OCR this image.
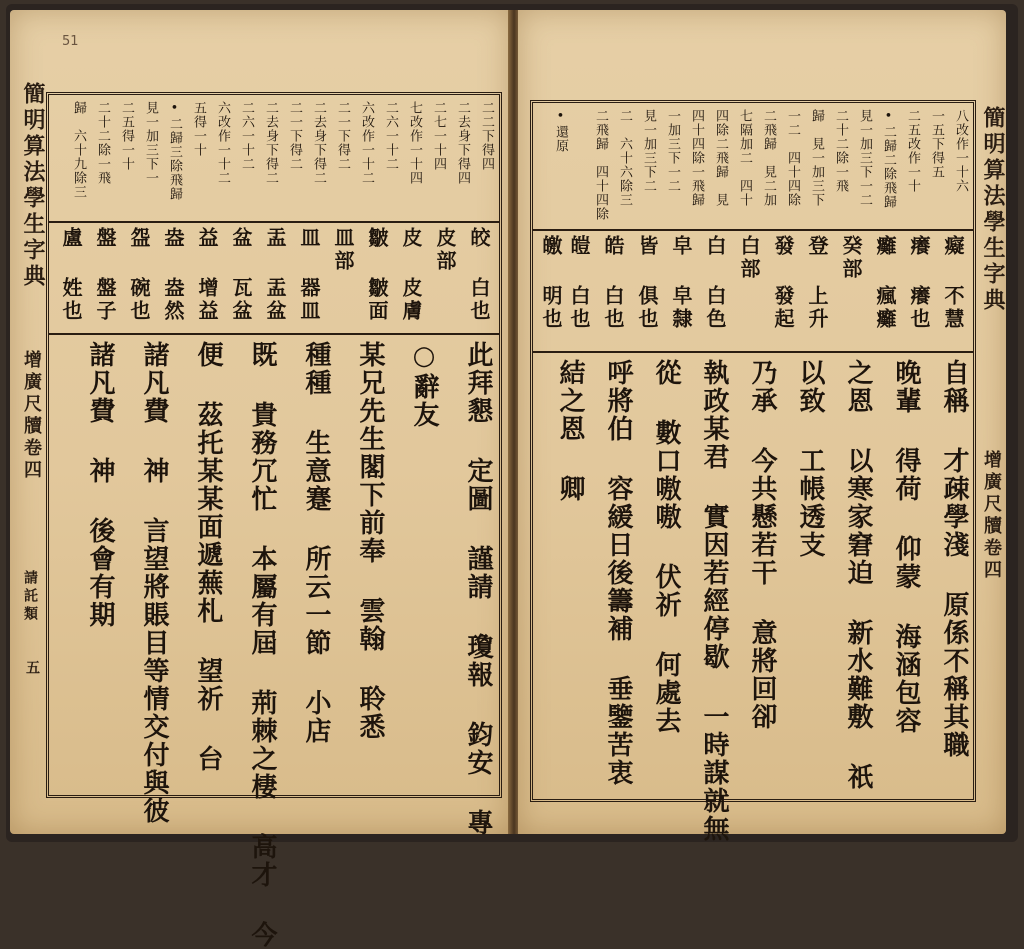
51
簡明算法學生字典
增廣尺牘卷四
請託類
五
二二下得四
二去身下得四
二七一十四
七改作一十四
二六一十二
六改作一十二
二一下得二
二去身下得二
二一下得二
二去身下得二
二六一十二
六改作一十二
五得一十
•二歸三除飛歸
見一加三下一
二五得一十
二十二除一飛
歸　六十九除三
皎 白也
皮部
皮 皮膚
皺 皺面
皿部
皿 器皿
盂 盂盆
盆 瓦盆
益 增益
盎 盎然
盌 碗也
盤 盤子
盧 姓也
此拜懇 定圖 謹請 瓊報 鈞安 專
○辭友
某兄先生閣下前奉 雲翰 聆悉
種種 生意蹇 所云一節 小店
既 貴務冗忙 本屬有屆 荊棘之棲 高才 今
便 茲托某某面遞蕪札 望祈 台
諸凡費 神 言望將賬目等情交付與彼
諸凡費 神 後會有期
簡明算法學生字典
增廣尺牘卷四
八改作一十六
一五下得五
二五改作一十
•二歸二除飛歸
見一加三下一二
二十二除一飛
歸　見一加三下
一二　四十四除
二飛歸　見二加
七隔加二　四十
四除二飛歸　見
四十四除一飛歸
一加三下一二
見一加三下二
二　六十六除三
二飛歸　四十四除
•還原
癡 不慧
癢 癢也
癱 瘋癱
癸部
登 上升
發 發起
白部
白 白色
皁 皁隸
皆 俱也
皓 白也
皚 白也
皦 明也
自稱 才疎學淺 原係不稱其職
晚輩 得荷 仰蒙 海涵包容
之恩 以寒家窘迫 新水難敷 祇
以致 工帳透支
乃承 今共懸若干 意將回卻
執政某君 實因若經停歇 一時謀就無
從 數口嗷嗷 伏祈 何處去
呼將伯 容緩日後籌補 垂鑒苦衷
結之恩 卿
